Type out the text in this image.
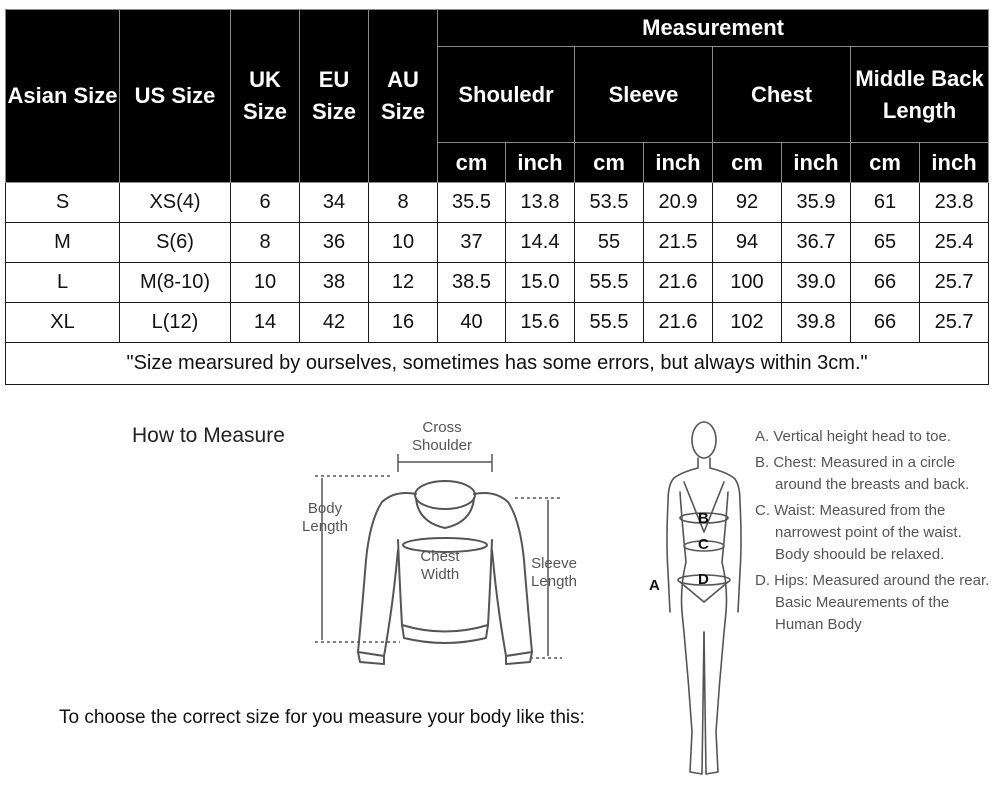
Asian Size	US Size	UK Size	EU Size	AU Size	Measurement							
					Shouledr		Sleeve		Chest		Middle Back Length	
					cm	inch	cm	inch	cm	inch	cm	inch
S	XS(4)	6	34	8	35.5	13.8	53.5	20.9	92	35.9	61	23.8
M	S(6)	8	36	10	37	14.4	55	21.5	94	36.7	65	25.4
L	M(8-10)	10	38	12	38.5	15.0	55.5	21.6	100	39.0	66	25.7
XL	L(12)	14	42	16	40	15.6	55.5	21.6	102	39.8	66	25.7
"Size mearsured by ourselves, sometimes has some errors, but always within 3cm."												
How to Measure
To choose the correct size for you measure your body like this:
Cross Shoulder
Body Length
Chest Width
Sleeve Length	A
B
C
D

A. Vertical height head to toe.

B. Chest: Measured in a circle around the breasts and back.

C. Waist: Measured from the narrowest point of the waist. Body shoould be relaxed.

D. Hips: Measured around the rear. Basic Meaurements of the Human Body
